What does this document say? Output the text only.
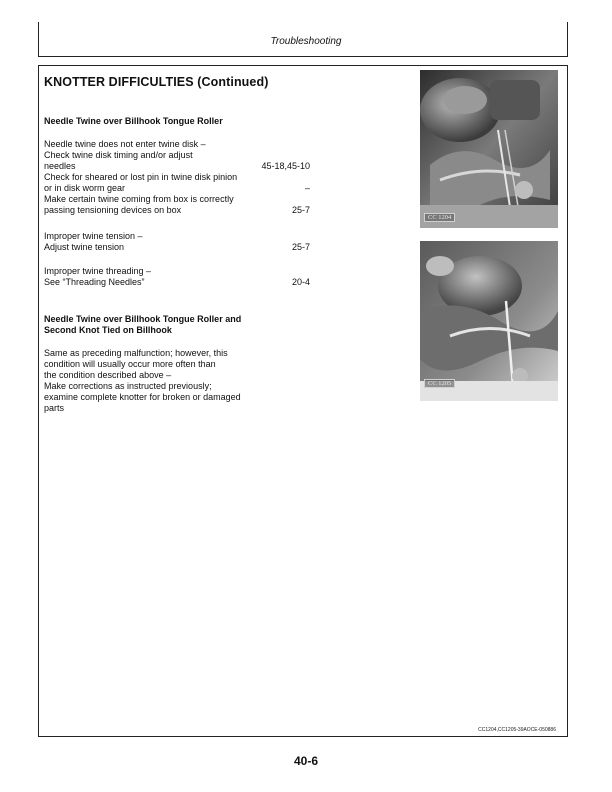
Troubleshooting
KNOTTER DIFFICULTIES (Continued)
Needle Twine over Billhook Tongue Roller
Needle twine does not enter twine disk –
Check twine disk timing and/or adjust
needles	45-18,45-10
Check for sheared or lost pin in twine disk pinion
or in disk worm gear	–
Make certain twine coming from box is correctly
passing tensioning devices on box	25-7
Improper twine tension –
Adjust twine tension	25-7
Improper twine threading –
See “Threading Needles”	20-4
Needle Twine over Billhook Tongue Roller and
Second Knot Tied on Billhook
Same as preceding malfunction; however, this
condition will usually occur more often than
the condition described above –
Make corrections as instructed previously;
examine complete knotter for broken or damaged
parts
CC 1204
CC 1205
CC1204,CC1205-39AOCE-050886
40-6
